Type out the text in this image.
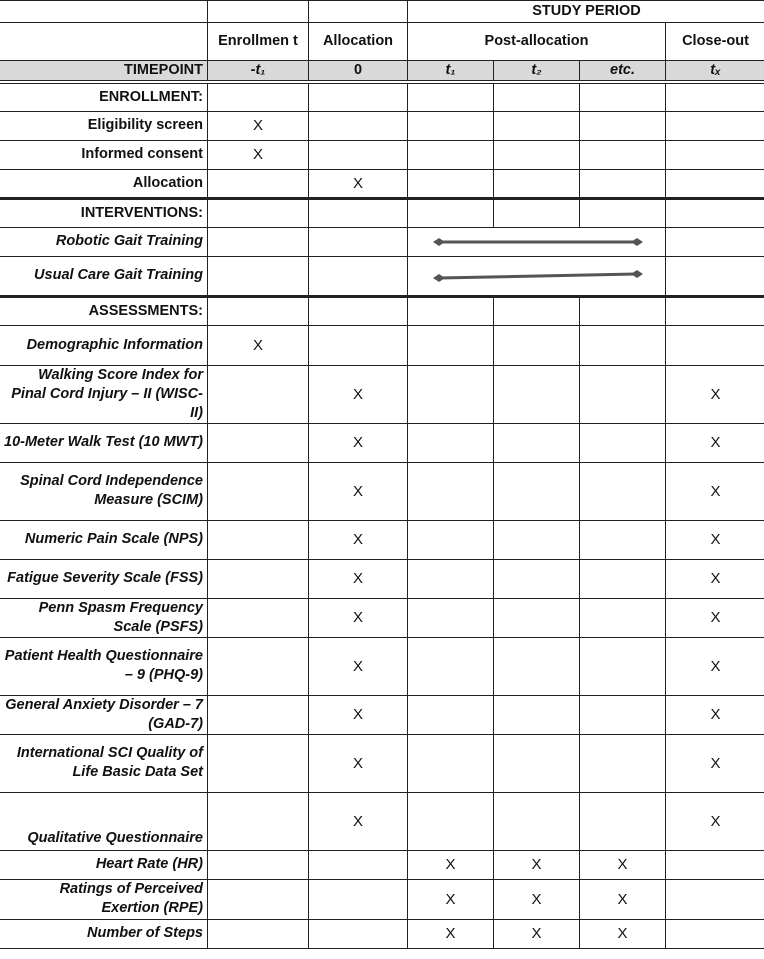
			STUDY PERIOD			
	Enrollmen t	Allocation	Post-allocation			Close-out
TIMEPOINT	-t₁	0	t₁	t₂	etc.	tₓ
ENROLLMENT:						
Eligibility screen	X					
Informed consent	X					
Allocation		X				
INTERVENTIONS:						
Robotic Gait Training			

Usual Care Gait Training			

ASSESSMENTS:						
Demographic Information	X					
Walking Score Index for Pinal Cord Injury – II (WISC-II)		X				X
10-Meter Walk Test (10 MWT)		X				X
Spinal Cord Independence Measure (SCIM)		X				X
Numeric Pain Scale (NPS)		X				X
Fatigue Severity Scale (FSS)		X				X
Penn Spasm Frequency Scale (PSFS)		X				X
Patient Health Questionnaire – 9 (PHQ-9)		X				X
General Anxiety Disorder – 7 (GAD-7)		X				X
International SCI Quality of Life Basic Data Set		X				X
Qualitative Questionnaire		X				X
Heart Rate (HR)			X	X	X	
Ratings of Perceived Exertion (RPE)			X	X	X	
Number of Steps			X	X	X	
